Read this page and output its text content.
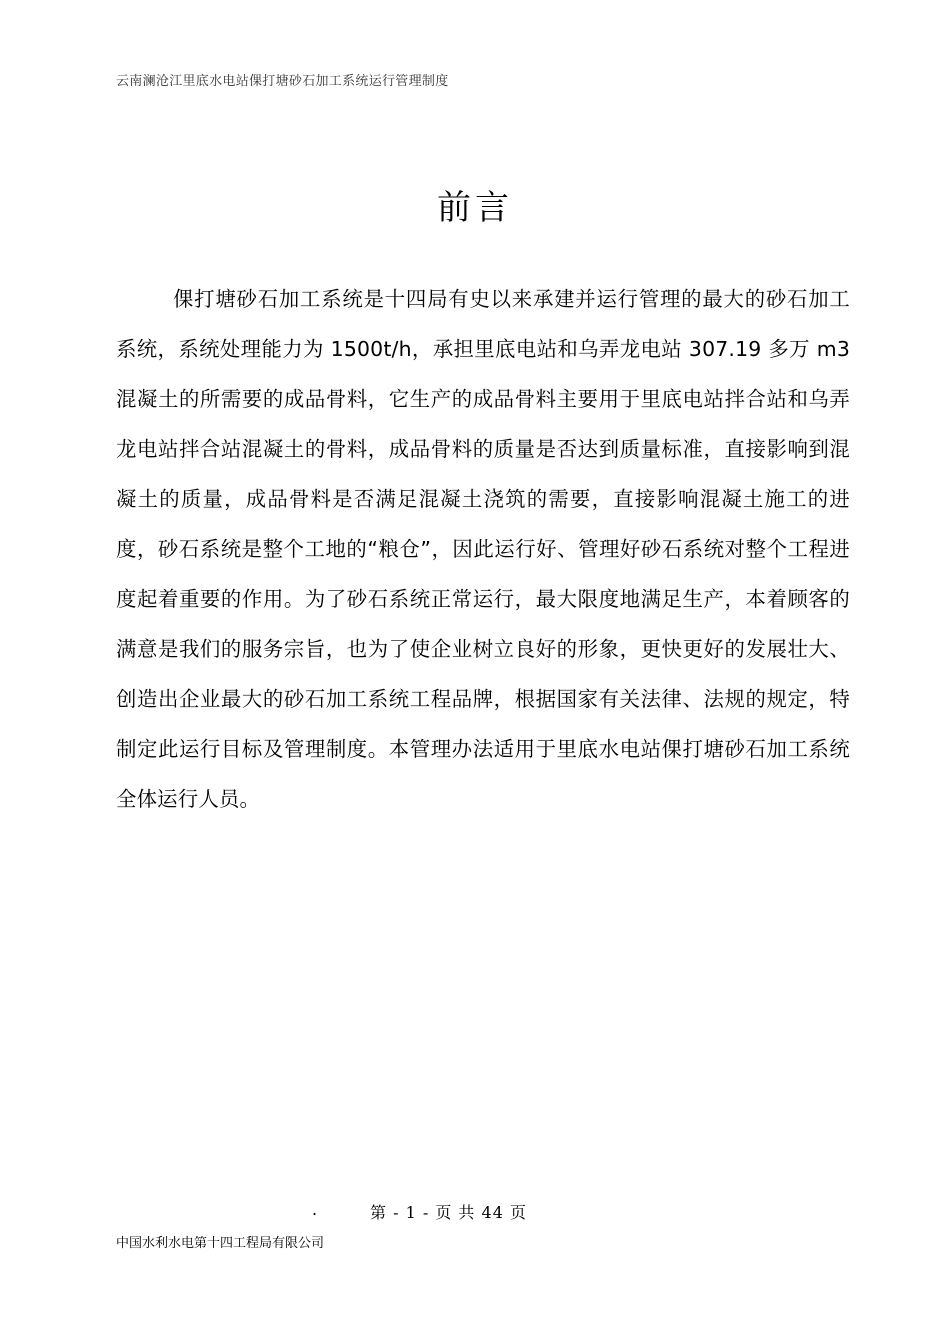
云南澜沧江里底水电站倮打塘砂石加工系统运行管理制度
前言

倮打塘砂石加工系统是十四局有史以来承建并运行管理的最大的砂石加工系统，系统处理能力为 1500t/h，承担里底电站和乌弄龙电站 307.19 多万 m3 混凝土的所需要的成品骨料，它生产的成品骨料主要用于里底电站拌合站和乌弄龙电站拌合站混凝土的骨料，成品骨料的质量是否达到质量标准，直接影响到混凝土的质量，成品骨料是否满足混凝土浇筑的需要，直接影响混凝土施工的进度，砂石系统是整个工地的“粮仓”，因此运行好、管理好砂石系统对整个工程进度起着重要的作用。为了砂石系统正常运行，最大限度地满足生产，本着顾客的满意是我们的服务宗旨，也为了使企业树立良好的形象，更快更好的发展壮大、创造出企业最大的砂石加工系统工程品牌，根据国家有关法律、法规的规定，特制定此运行目标及管理制度。本管理办法适用于里底水电站倮打塘砂石加工系统全体运行人员。

.	第 - 1 - 页 共 44 页
中国水利水电第十四工程局有限公司
